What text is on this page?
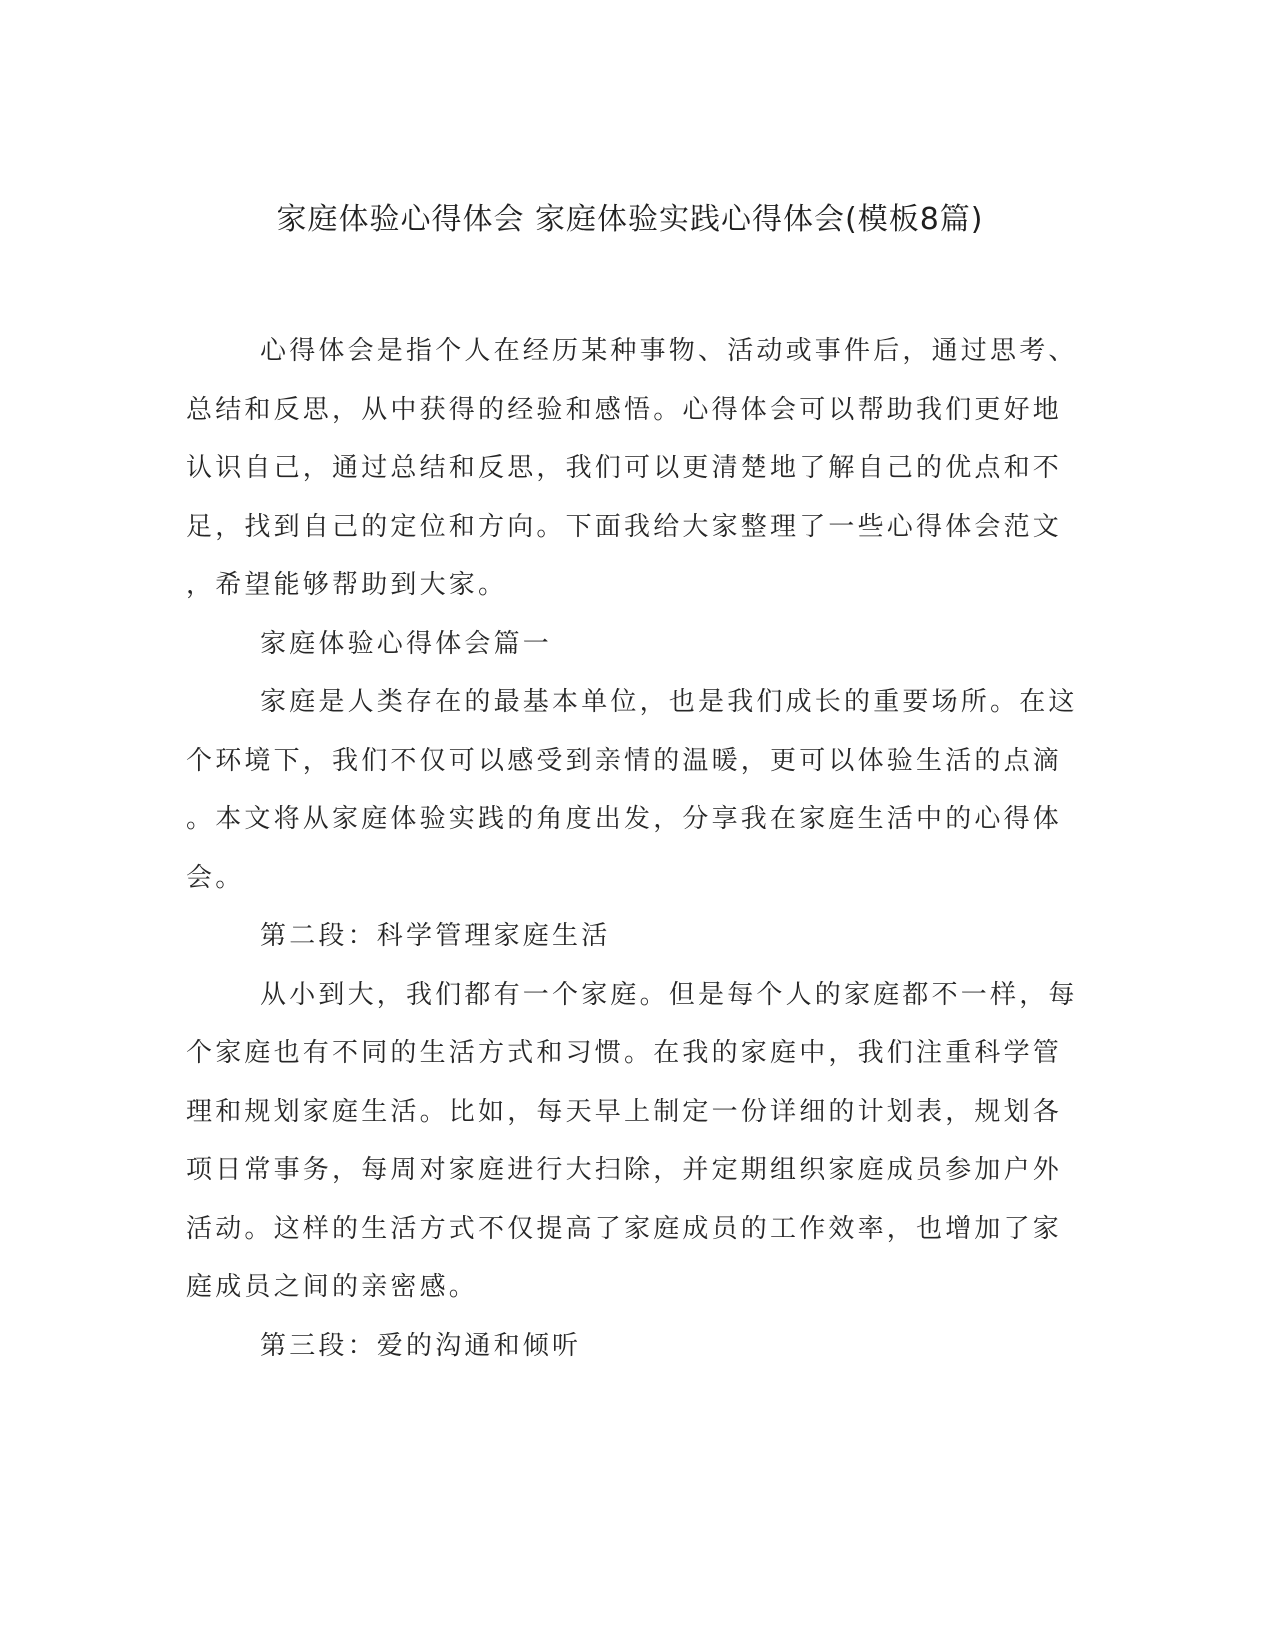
家庭体验心得体会 家庭体验实践心得体会(模板8篇)

心得体会是指个人在经历某种事物、活动或事件后，通过思考、
总结和反思，从中获得的经验和感悟。心得体会可以帮助我们更好地
认识自己，通过总结和反思，我们可以更清楚地了解自己的优点和不
足，找到自己的定位和方向。下面我给大家整理了一些心得体会范文
，希望能够帮助到大家。

家庭体验心得体会篇一

家庭是人类存在的最基本单位，也是我们成长的重要场所。在这
个环境下，我们不仅可以感受到亲情的温暖，更可以体验生活的点滴
。本文将从家庭体验实践的角度出发，分享我在家庭生活中的心得体
会。

第二段：科学管理家庭生活

从小到大，我们都有一个家庭。但是每个人的家庭都不一样，每
个家庭也有不同的生活方式和习惯。在我的家庭中，我们注重科学管
理和规划家庭生活。比如，每天早上制定一份详细的计划表，规划各
项日常事务，每周对家庭进行大扫除，并定期组织家庭成员参加户外
活动。这样的生活方式不仅提高了家庭成员的工作效率，也增加了家
庭成员之间的亲密感。

第三段：爱的沟通和倾听
